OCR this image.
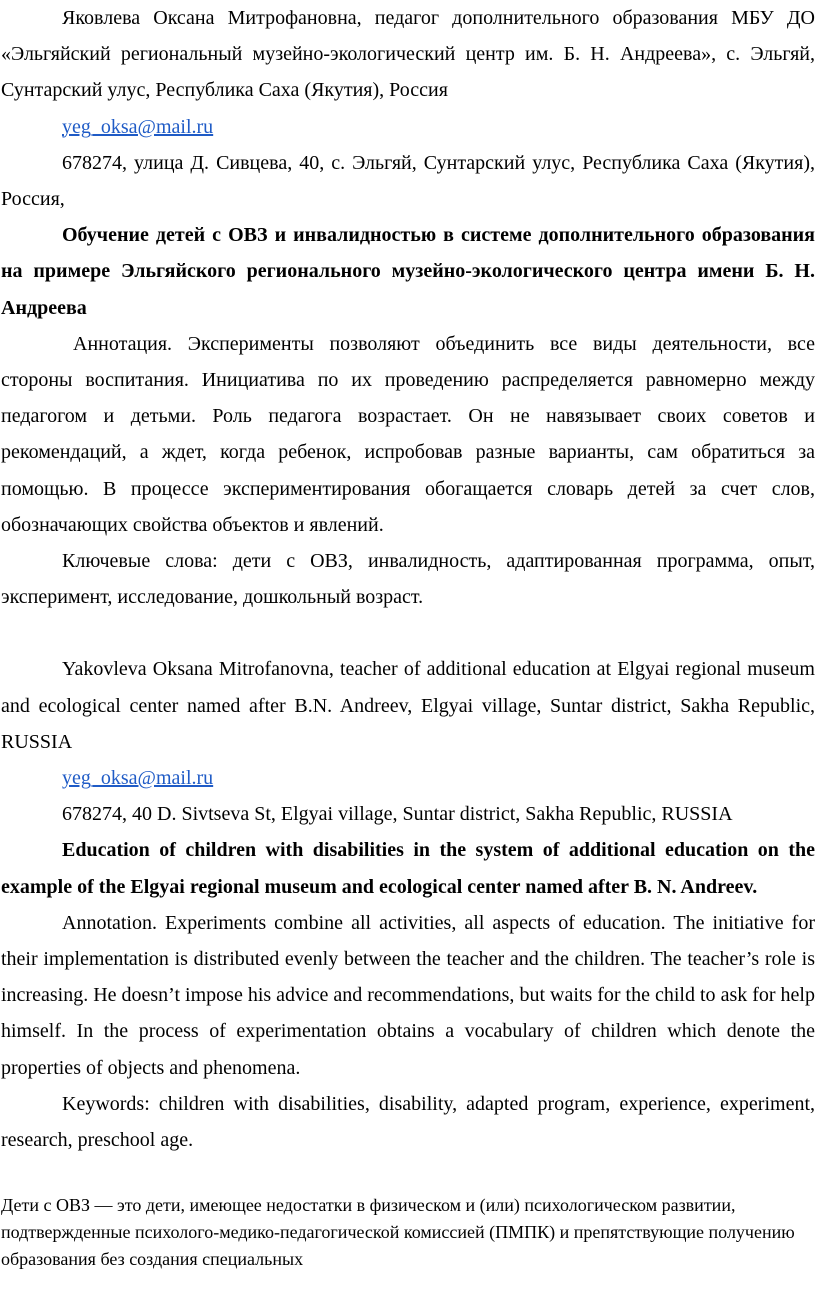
Яковлева Оксана Митрофановна, педагог дополнительного образования МБУ ДО «Эльгяйский региональный музейно-экологический центр им. Б. Н. Андреева», с. Эльгяй, Сунтарский улус, Республика Саха (Якутия), Россия

yeg_oksa@mail.ru

678274, улица Д. Сивцева, 40, с. Эльгяй, Сунтарский улус, Республика Саха (Якутия), Россия,

Обучение детей с ОВЗ и инвалидностью в системе дополнительного образования на примере Эльгяйского регионального музейно-экологического центра имени Б. Н. Андреева

Аннотация. Эксперименты позволяют объединить все виды деятельности, все стороны воспитания. Инициатива по их проведению распределяется равномерно между педагогом и детьми. Роль педагога возрастает. Он не навязывает своих советов и рекомендаций, а ждет, когда ребенок, испробовав разные варианты, сам обратиться за помощью. В процессе экспериментирования обогащается словарь детей за счет слов, обозначающих свойства объектов и явлений.

Ключевые слова: дети с ОВЗ, инвалидность, адаптированная программа, опыт, эксперимент, исследование, дошкольный возраст.

Yakovleva Oksana Mitrofanovna, teacher of additional education at Elgyai regional museum and ecological center named after B.N. Andreev, Elgyai village, Suntar district, Sakha Republic, RUSSIA

yeg_oksa@mail.ru

678274, 40 D. Sivtseva St, Elgyai village, Suntar district, Sakha Republic, RUSSIA

Education of children with disabilities in the system of additional education on the example of the Elgyai regional museum and ecological center named after B. N. Andreev.

Annotation. Experiments combine all activities, all aspects of education. The initiative for their implementation is distributed evenly between the teacher and the children. The teacher’s role is increasing. He doesn’t impose his advice and recommendations, but waits for the child to ask for help himself. In the process of experimentation obtains a vocabulary of children which denote the properties of objects and phenomena.

Keywords: children with disabilities, disability, adapted program, experience, experiment, research, preschool age.

Дети с ОВЗ — это дети, имеющее недостатки в физическом и (или) психологическом развитии, подтвержденные психолого-медико-педагогической комиссией (ПМПК) и препятствующие получению образования без создания специальных
